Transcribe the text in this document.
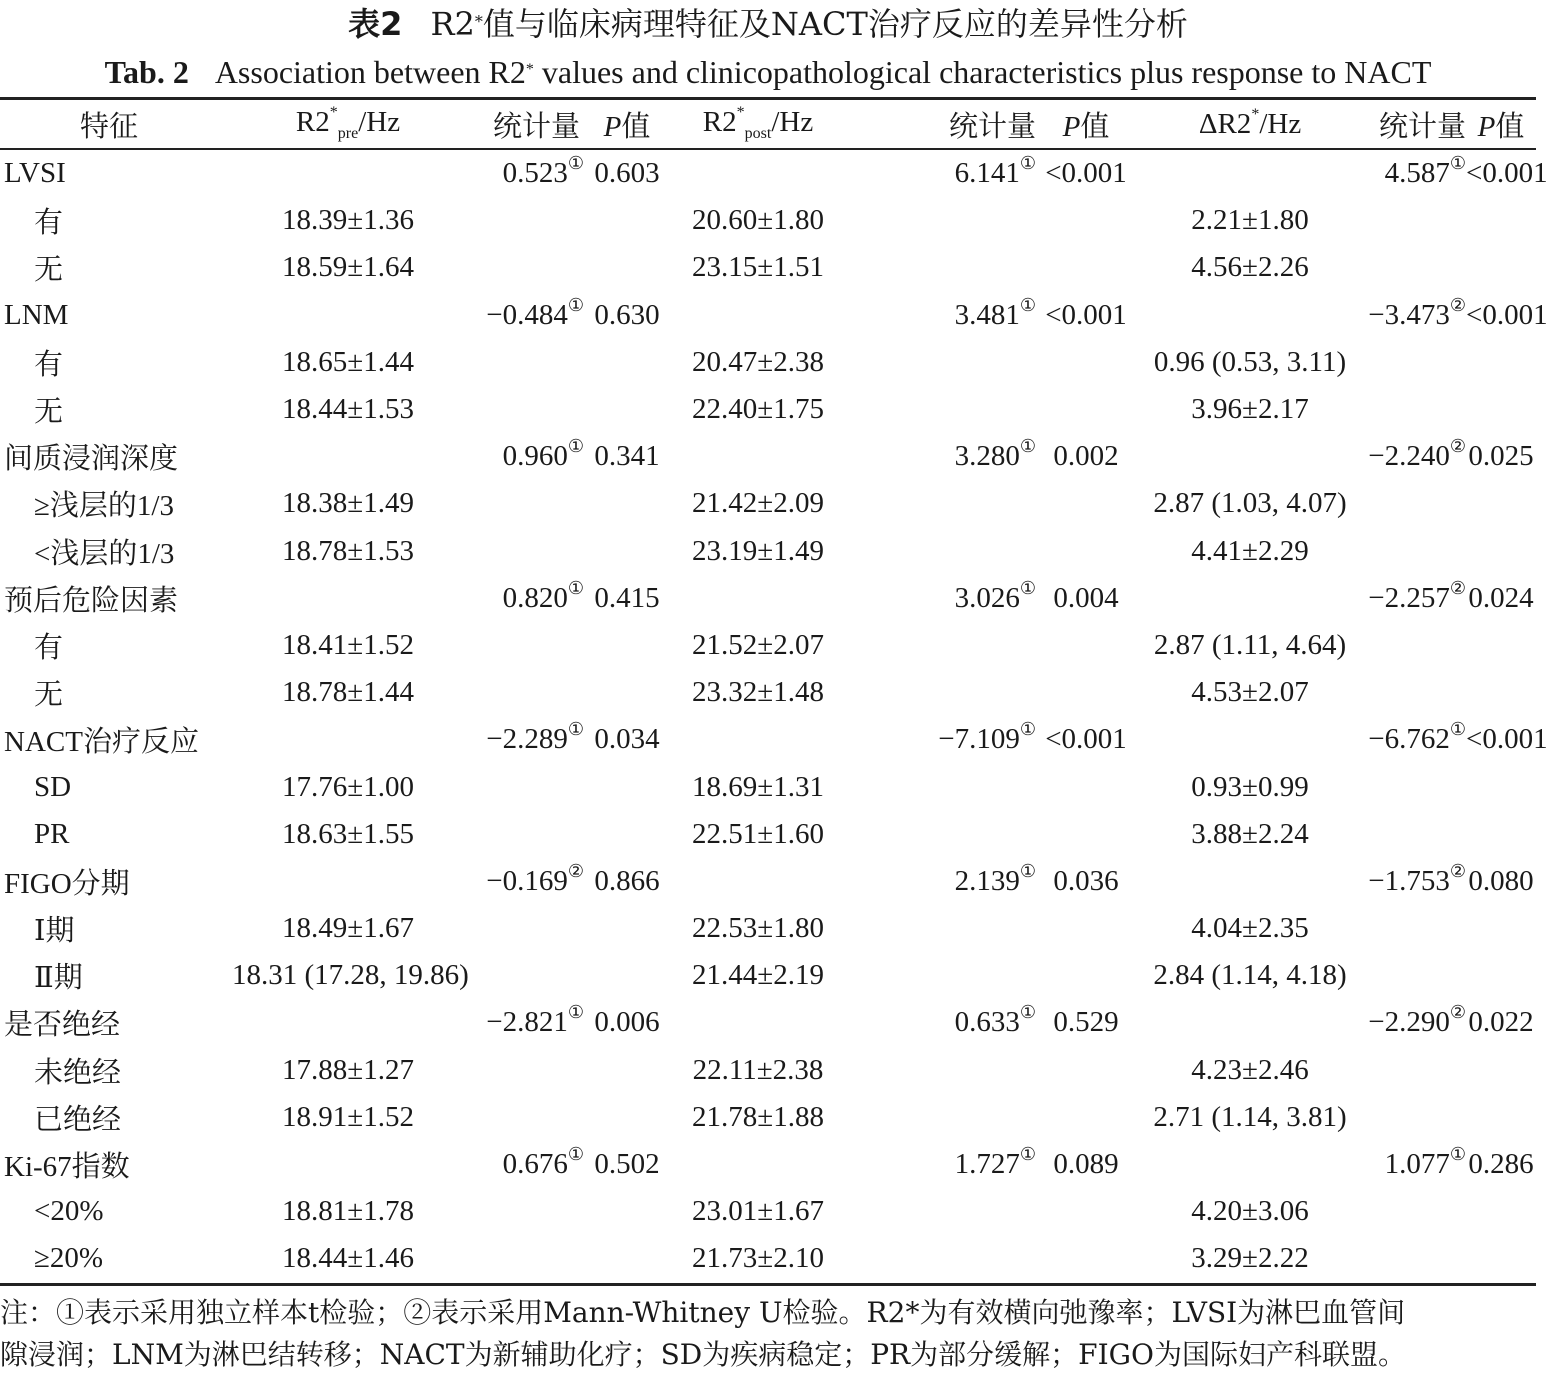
表2 R2*值与临床病理特征及NACT治疗反应的差异性分析
Tab. 2 Association between R2* values and clinicopathological characteristics plus response to NACT
特征	$R2^*_{pre}/Hz$	统计量	P值	$R2^*_{post}/Hz$	统计量	P值	ΔR2*/Hz	统计量	P值
LVSI		0.523①	0.603		6.141①	<0.001		4.587①	<0.001
有	18.39±1.36			20.60±1.80			2.21±1.80		
无	18.59±1.64			23.15±1.51			4.56±2.26		
LNM		−0.484①	0.630		3.481①	<0.001		−3.473②	<0.001
有	18.65±1.44			20.47±2.38			0.96 (0.53, 3.11)		
无	18.44±1.53			22.40±1.75			3.96±2.17		
间质浸润深度		0.960①	0.341		3.280①	0.002		−2.240②	0.025
≥浅层的1/3	18.38±1.49			21.42±2.09			2.87 (1.03, 4.07)		
<浅层的1/3	18.78±1.53			23.19±1.49			4.41±2.29		
预后危险因素		0.820①	0.415		3.026①	0.004		−2.257②	0.024
有	18.41±1.52			21.52±2.07			2.87 (1.11, 4.64)		
无	18.78±1.44			23.32±1.48			4.53±2.07		
NACT治疗反应		−2.289①	0.034		−7.109①	<0.001		−6.762①	<0.001
SD	17.76±1.00			18.69±1.31			0.93±0.99		
PR	18.63±1.55			22.51±1.60			3.88±2.24		
FIGO分期		−0.169②	0.866		2.139①	0.036		−1.753②	0.080
Ⅰ期	18.49±1.67			22.53±1.80			4.04±2.35		
Ⅱ期	18.31 (17.28, 19.86)			21.44±2.19			2.84 (1.14, 4.18)		
是否绝经		−2.821①	0.006		0.633①	0.529		−2.290②	0.022
未绝经	17.88±1.27			22.11±2.38			4.23±2.46		
已绝经	18.91±1.52			21.78±1.88			2.71 (1.14, 3.81)		
Ki-67指数		0.676①	0.502		1.727①	0.089		1.077①	0.286
<20%	18.81±1.78			23.01±1.67			4.20±3.06		
≥20%	18.44±1.46			21.73±2.10			3.29±2.22		

注：①表示采用独立样本t检验；②表示采用Mann-Whitney U检验。R2*为有效横向弛豫率；LVSI为淋巴血管间

隙浸润；LNM为淋巴结转移；NACT为新辅助化疗；SD为疾病稳定；PR为部分缓解；FIGO为国际妇产科联盟。
